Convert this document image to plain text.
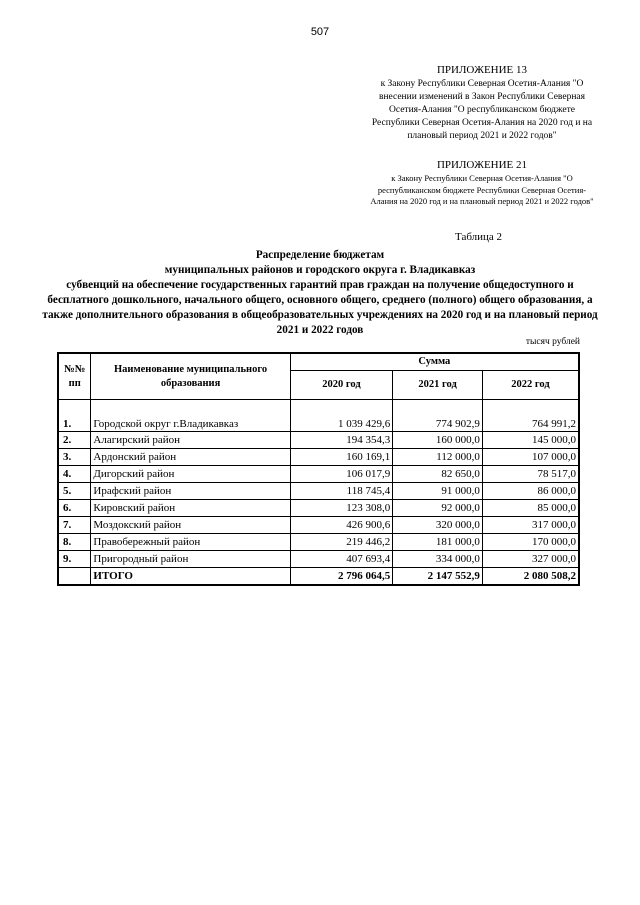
507
ПРИЛОЖЕНИЕ 13
к Закону Республики Северная Осетия-Алания "О внесении изменений в Закон Республики Северная Осетия-Алания "О республиканском бюджете Республики Северная Осетия-Алания на 2020 год и на плановый период 2021 и 2022 годов"
ПРИЛОЖЕНИЕ 21
к Закону Республики Северная Осетия-Алания "О республиканском бюджете Республики Северная Осетия-Алания на 2020 год и на плановый период 2021 и 2022 годов"
Таблица 2
Распределение бюджетам
муниципальных районов и городского округа г. Владикавказ
субвенций на обеспечение государственных гарантий прав граждан на получение общедоступного и бесплатного дошкольного, начального общего, основного общего, среднего (полного) общего образования, а также дополнительного образования в общеобразовательных учреждениях на 2020 год и на плановый период 2021 и 2022 годов
тысяч рублей
№№ пп	Наименование муниципального образования	Сумма		
		2020 год	2021 год	2022 год
1.	Городской округ г.Владикавказ	1 039 429,6	774 902,9	764 991,2
2.	Алагирский район	194 354,3	160 000,0	145 000,0
3.	Ардонский район	160 169,1	112 000,0	107 000,0
4.	Дигорский район	106 017,9	82 650,0	78 517,0
5.	Ирафский район	118 745,4	91 000,0	86 000,0
6.	Кировский район	123 308,0	92 000,0	85 000,0
7.	Моздокский район	426 900,6	320 000,0	317 000,0
8.	Правобережный район	219 446,2	181 000,0	170 000,0
9.	Пригородный район	407 693,4	334 000,0	327 000,0
	ИТОГО	2 796 064,5	2 147 552,9	2 080 508,2
